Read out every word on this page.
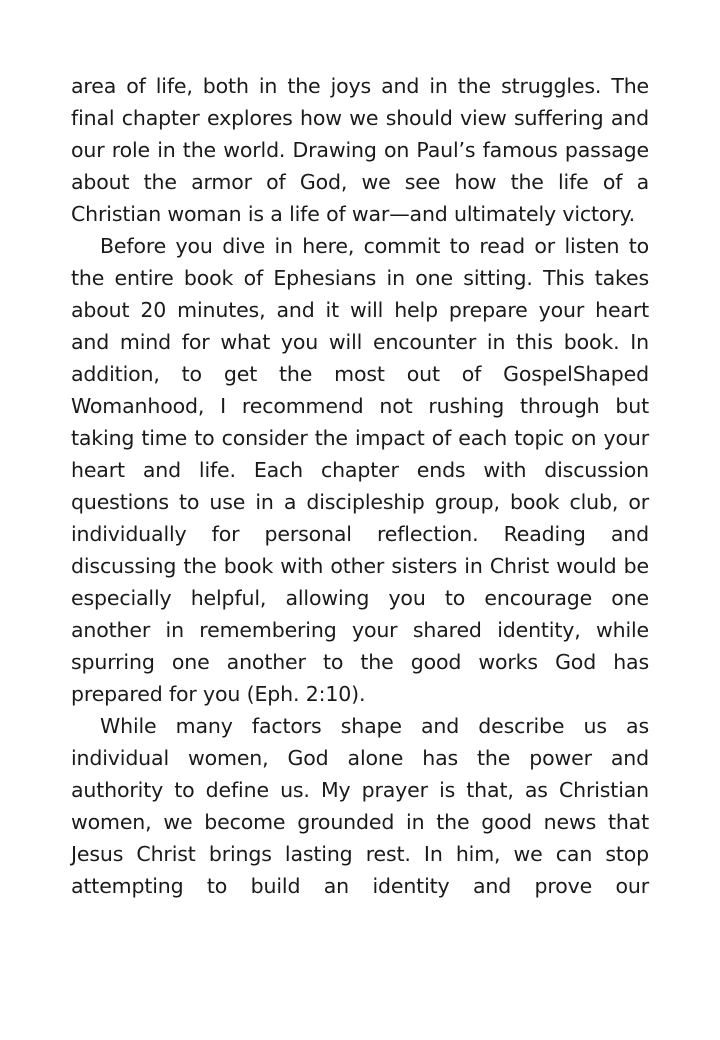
area of life, both in the joys and in the struggles. The final chapter explores how we should view suffering and our role in the world. Drawing on Paul’s famous passage about the armor of God, we see how the life of a Christian woman is a life of war—and ultimately victory.

Before you dive in here, commit to read or listen to the entire book of Ephesians in one sitting. This takes about 20 minutes, and it will help prepare your heart and mind for what you will encounter in this book. In addition, to get the most out of GospelShaped Womanhood, I recommend not rushing through but taking time to consider the impact of each topic on your heart and life. Each chapter ends with discussion questions to use in a discipleship group, book club, or individually for personal reflection. Reading and discussing the book with other sisters in Christ would be especially helpful, allowing you to encourage one another in remembering your shared identity, while spurring one another to the good works God has prepared for you (Eph. 2:10).

While many factors shape and describe us as individual women, God alone has the power and authority to define us. My prayer is that, as Christian women, we become grounded in the good news that Jesus Christ brings lasting rest. In him, we can stop attempting to build an identity and prove our
